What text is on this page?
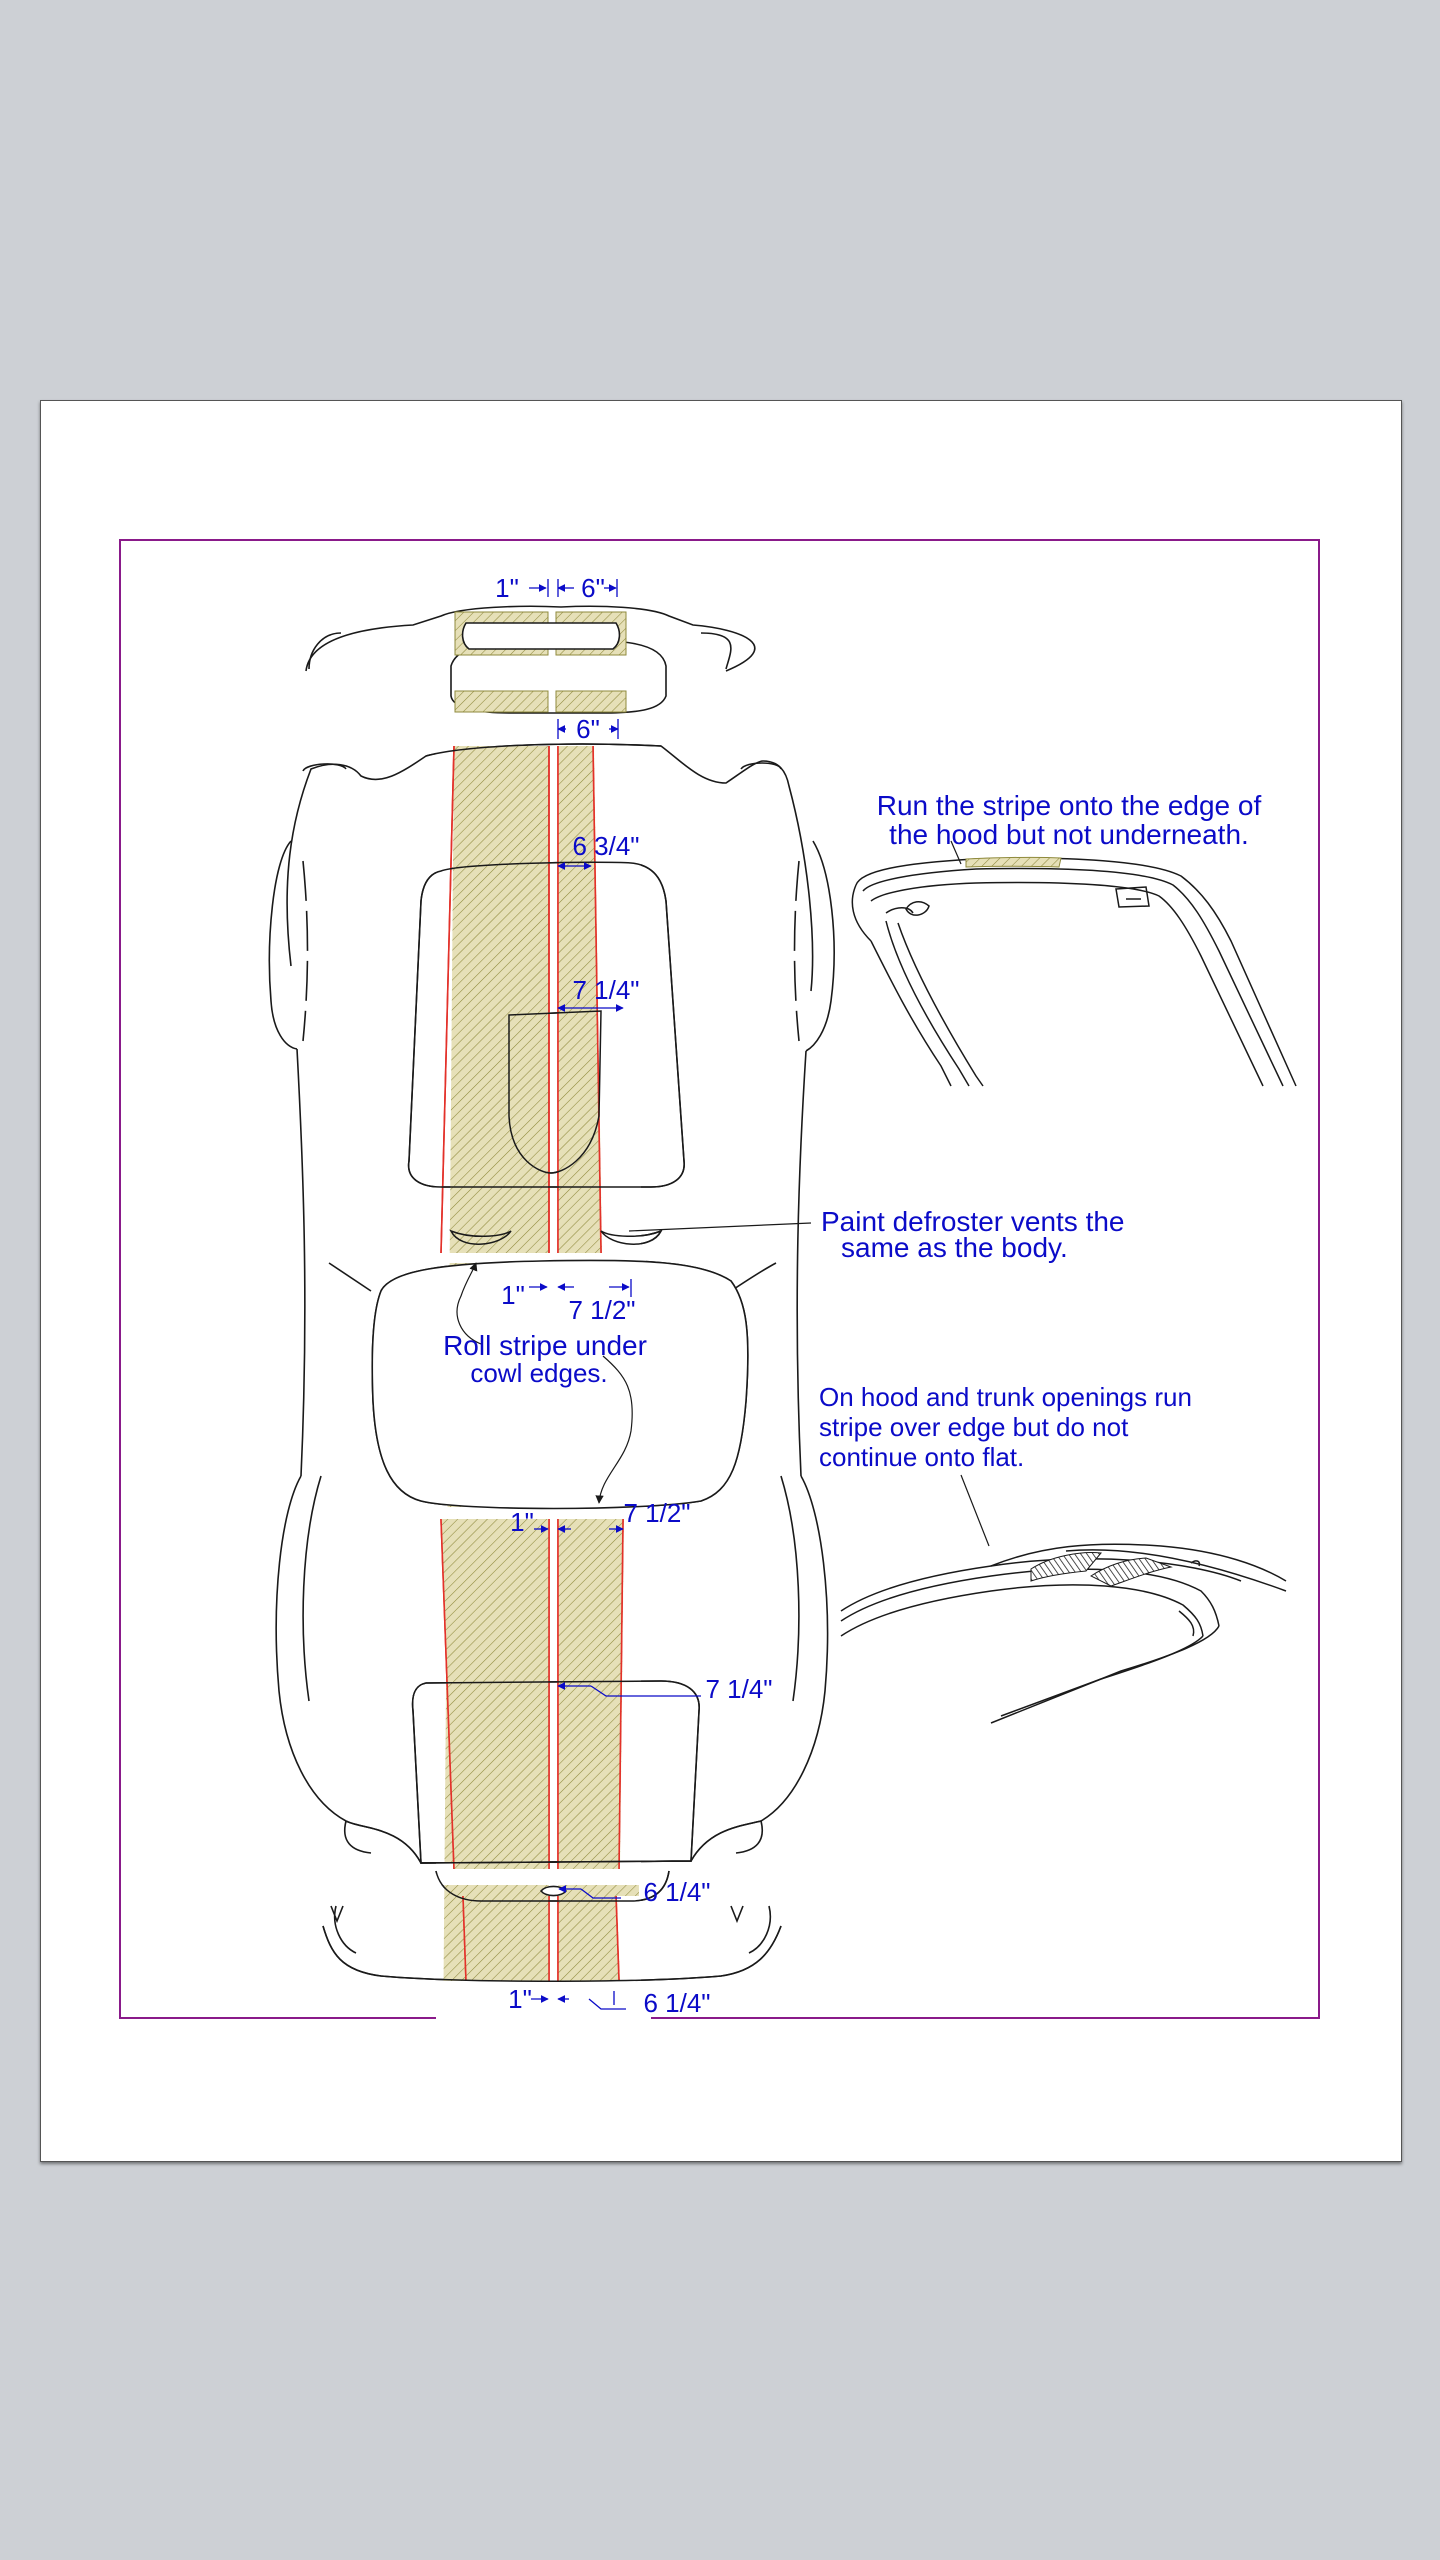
1" 6"
6"
6 3/4"
7 1/4"
1" 7 1/2"
1"	7 1/2"
7 1/4"
6 1/4"
1"	6 1/4"
Run the stripe onto the edge of
the hood but not underneath.
Paint defroster vents the
same as the body.
Roll stripe under
cowl edges.
On hood and trunk openings run
stripe over edge but do not
continue onto flat.
